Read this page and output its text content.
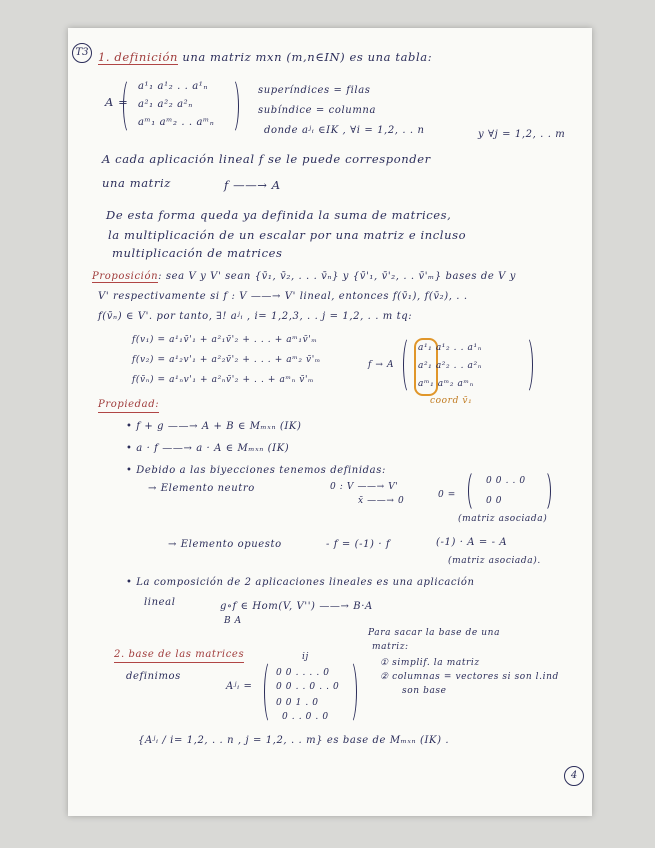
T3 1. definición una matriz mxn (m,n∈IN) es una tabla:
A =
a¹₁ a¹₂ . . a¹ₙ
a²₁ a²₂ a²ₙ
aᵐ₁ aᵐ₂ . . aᵐₙ
superíndices = filas
subíndice = columna
donde aʲᵢ ∈IK , ∀i = 1,2, . . n	y ∀j = 1,2, . . m
A cada aplicación lineal f se le puede corresponder
una matriz	f ——→ A
De esta forma queda ya definida la suma de matrices,
la multiplicación de un escalar por una matriz e incluso
multiplicación de matrices
Proposición: sea V y V' sean {v̄₁, v̄₂, . . . v̄ₙ} y {v̄'₁, v̄'₂, . . v̄'ₘ} bases de V y
V' respectivamente si f : V ——→ V' lineal, entonces f(v̄₁), f(v̄₂), . .
f(v̄ₙ) ∈ V'. por tanto, ∃! aʲᵢ , i= 1,2,3, . . j = 1,2, . . m tq:
f(v₁) = a¹₁v̄'₁ + a²₁v̄'₂ + . . . + aᵐ₁v̄'ₘ
f(v₂) = a¹₂v'₁ + a²₂v̄'₂ + . . . + aᵐ₂ v̄'ₘ
f(v̄ₙ) = a¹ₙv'₁ + a²ₙv̄'₂ + . . + aᵐₙ v̄'ₘ
f → A
a¹₁ a¹₂ . . a¹ₙ
a²₁ a²₂ . . a²ₙ
aᵐ₁ aᵐ₂ aᵐₙ
coord v̄₁
Propiedad:
• f + g ——→ A + B ∈ Mₘₓₙ (IK)
• a · f ——→ a · A ∈ Mₘₓₙ (IK)
• Debido a las biyecciones tenemos definidas:
→ Elemento neutro	0 : V ——→ V'
x̄ ——→ 0
0 =
0 0 . . 0
0 0
(matriz asociada)
→ Elemento opuesto	- f = (-1) · f	(-1) · A = - A
(matriz asociada).
• La composición de 2 aplicaciones lineales es una aplicación
lineal	g∘f ∈ Hom(V, V'') ——→ B·A
B A
2. base de las matrices
definimos
Aʲᵢ =
ij
0 0 . . . . 0
0 0 . . 0 . . 0
0 0 1 . 0
0 . . 0 . 0
Para sacar la base de una
matriz:
① simplif. la matriz
② columnas = vectores si son l.ind
son base
{Aʲᵢ / i= 1,2, . . n , j = 1,2, . . m} es base de Mₘₓₙ (IK) .
4
